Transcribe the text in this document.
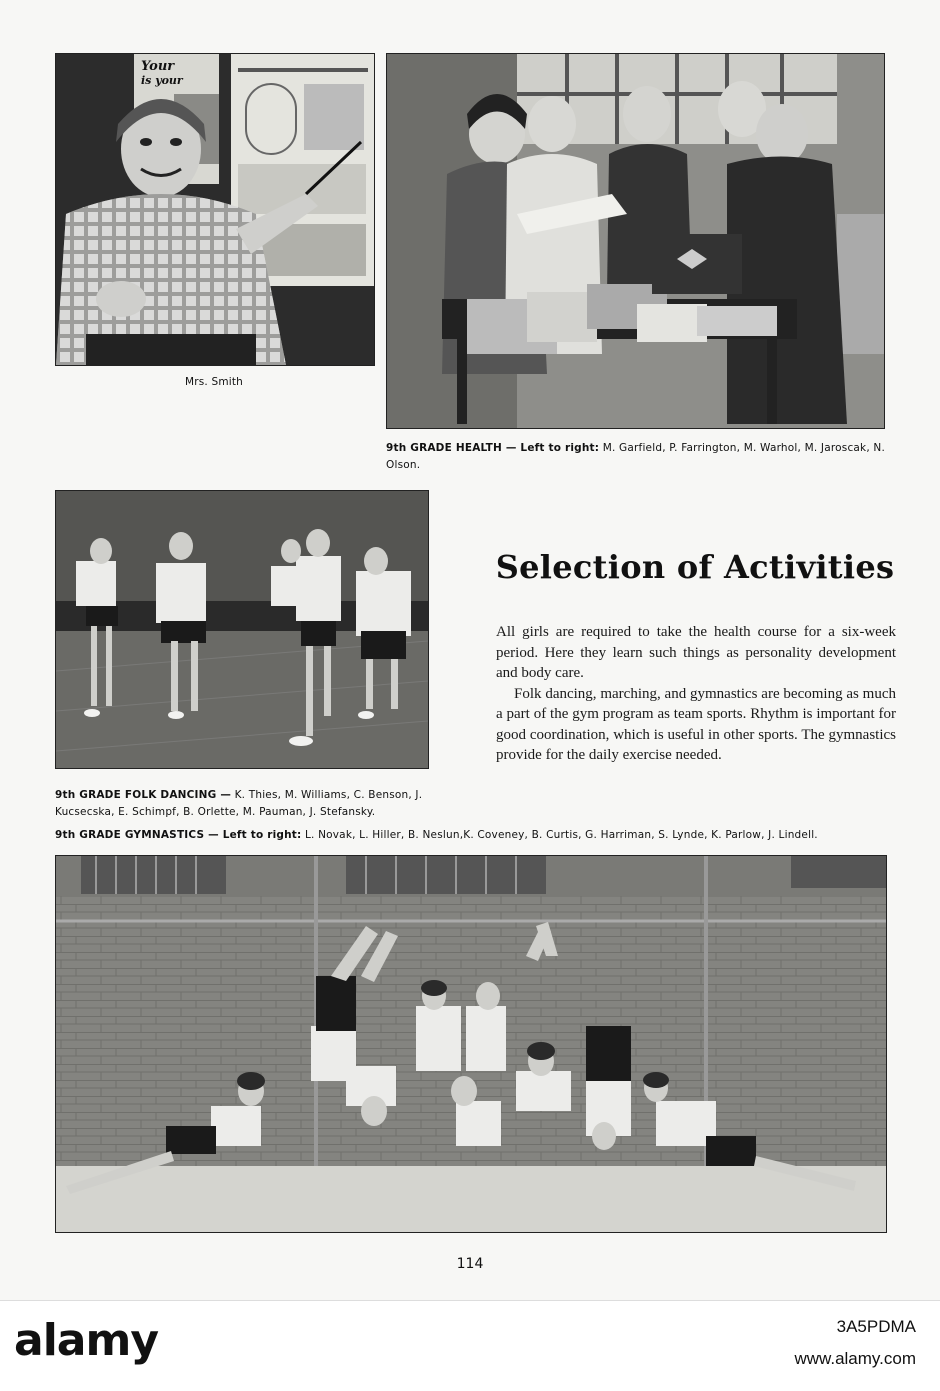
Your
is your
Mrs. Smith
9th GRADE HEALTH — Left to right: M. Garfield, P. Farrington, M. Warhol, M. Jaroscak, N. Olson.
9th GRADE FOLK DANCING — K. Thies, M. Williams, C. Benson, J. Kucsecska, E. Schimpf, B. Orlette, M. Pauman, J. Stefansky.
Selection of Activities

All girls are required to take the health course for a six-week period. Here they learn such things as personality development and body care.

Folk dancing, marching, and gymnastics are becoming as much a part of the gym program as team sports. Rhythm is important for good coordination, which is useful in other sports. The gymnastics provide for the daily exercise needed.

9th GRADE GYMNASTICS — Left to right: L. Novak, L. Hiller, B. Neslun,K. Coveney, B. Curtis, G. Harriman, S. Lynde, K. Parlow, J. Lindell.
114
alamy	3A5PDMA
www.alamy.com
